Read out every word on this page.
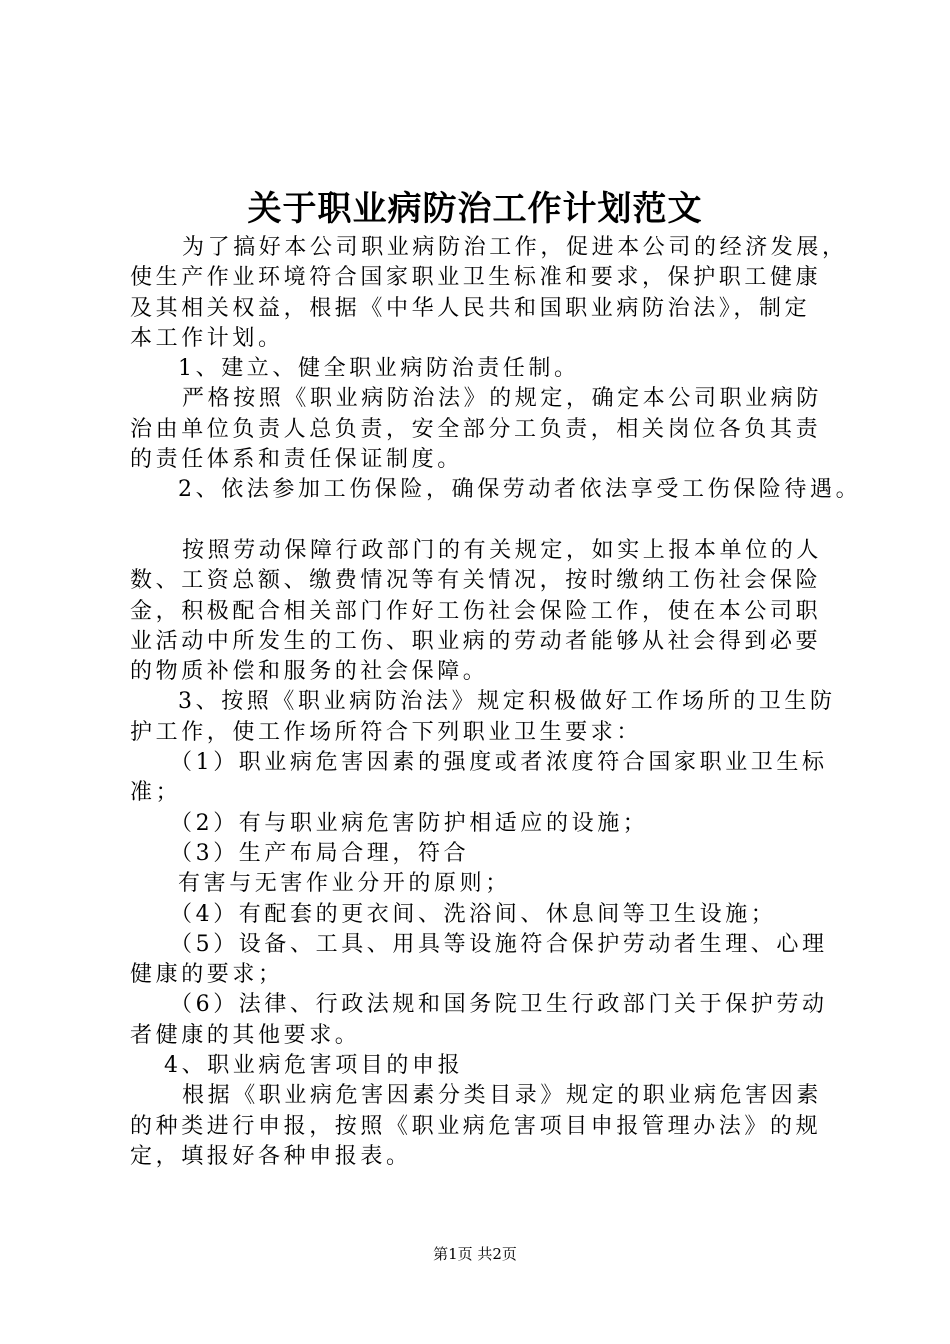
关于职业病防治工作计划范文

为了搞好本公司职业病防治工作，促进本公司的经济发展，

使生产作业环境符合国家职业卫生标准和要求，保护职工健康

及其相关权益，根据《中华人民共和国职业病防治法》，制定

本工作计划。

1、建立、健全职业病防治责任制。

严格按照《职业病防治法》的规定，确定本公司职业病防

治由单位负责人总负责，安全部分工负责，相关岗位各负其责

的责任体系和责任保证制度。

2、依法参加工伤保险，确保劳动者依法享受工伤保险待遇。

按照劳动保障行政部门的有关规定，如实上报本单位的人

数、工资总额、缴费情况等有关情况，按时缴纳工伤社会保险

金，积极配合相关部门作好工伤社会保险工作，使在本公司职

业活动中所发生的工伤、职业病的劳动者能够从社会得到必要

的物质补偿和服务的社会保障。

3、按照《职业病防治法》规定积极做好工作场所的卫生防

护工作，使工作场所符合下列职业卫生要求：

（1）职业病危害因素的强度或者浓度符合国家职业卫生标

准；

（2）有与职业病危害防护相适应的设施；

（3）生产布局合理，符合

有害与无害作业分开的原则；

（4）有配套的更衣间、洗浴间、休息间等卫生设施；

（5）设备、工具、用具等设施符合保护劳动者生理、心理

健康的要求；

（6）法律、行政法规和国务院卫生行政部门关于保护劳动

者健康的其他要求。

4、职业病危害项目的申报

根据《职业病危害因素分类目录》规定的职业病危害因素

的种类进行申报，按照《职业病危害项目申报管理办法》的规

定，填报好各种申报表。

第1页 共2页
